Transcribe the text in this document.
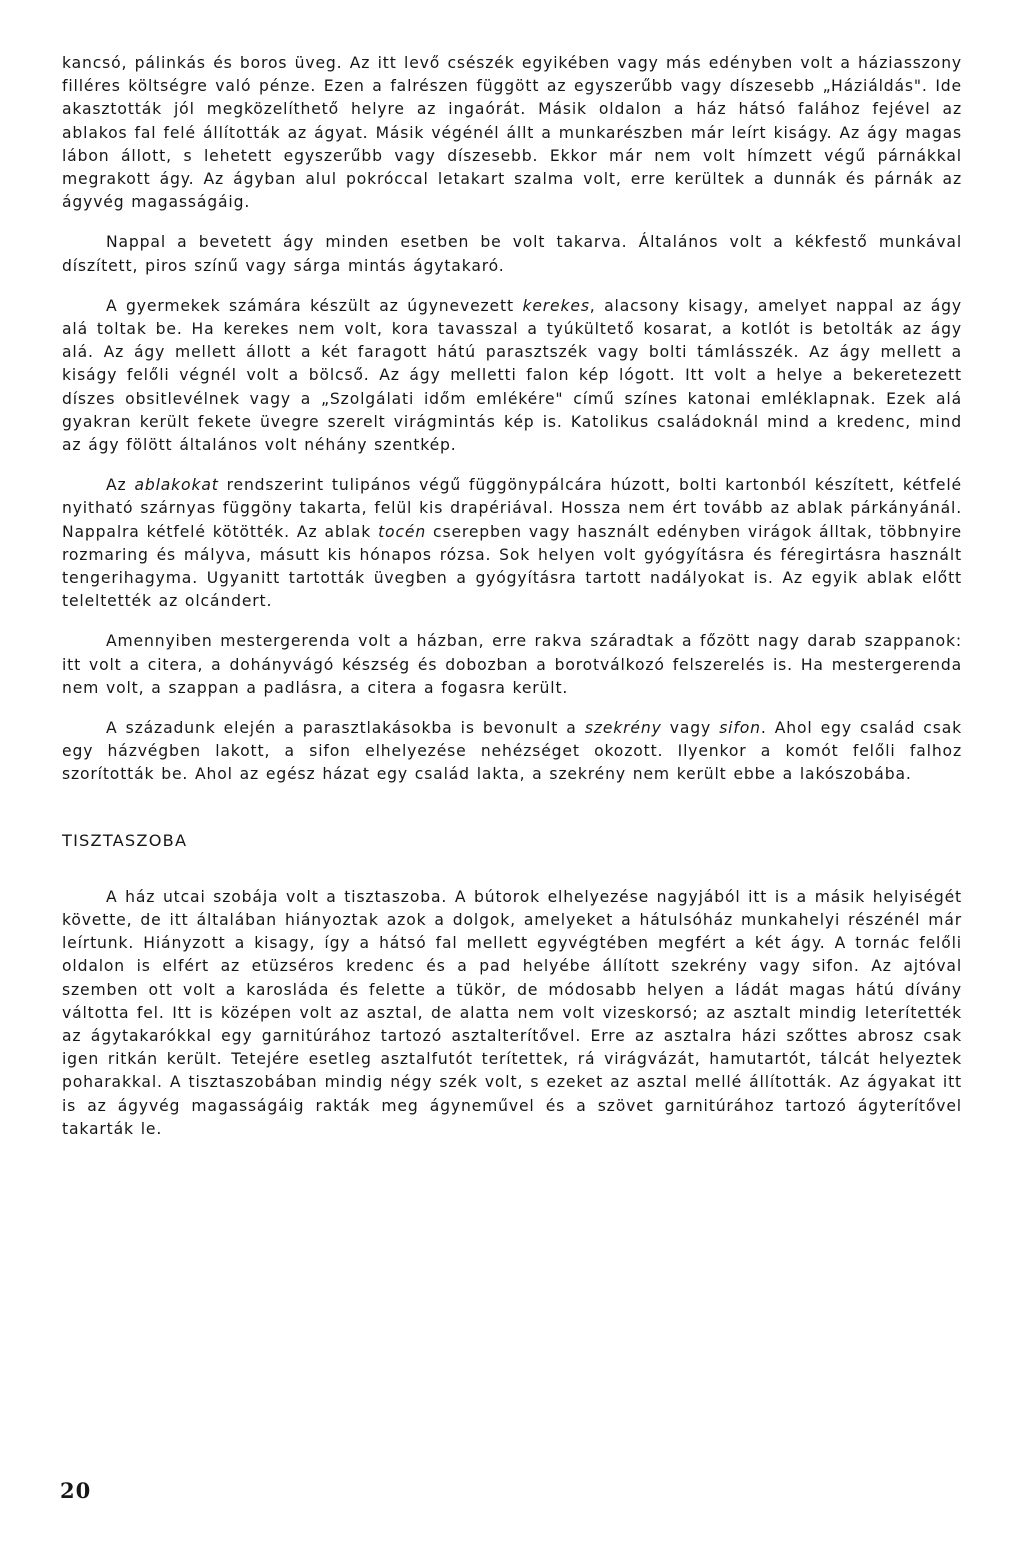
kancsó, pálinkás és boros üveg. Az itt levő csészék egyikében vagy más edényben volt a háziasszony filléres költségre való pénze. Ezen a falrészen függött az egyszerűbb vagy díszesebb „Háziáldás". Ide akasztották jól megközelíthető helyre az ingaórát. Másik oldalon a ház hátsó falához fejével az ablakos fal felé állították az ágyat. Másik végénél állt a munkarészben már leírt kiságy. Az ágy magas lábon állott, s lehetett egyszerűbb vagy díszesebb. Ekkor már nem volt hímzett végű párnákkal megrakott ágy. Az ágyban alul pokróccal letakart szalma volt, erre kerültek a dunnák és párnák az ágyvég magasságáig.

Nappal a bevetett ágy minden esetben be volt takarva. Általános volt a kékfestő munkával díszített, piros színű vagy sárga mintás ágytakaró.

A gyermekek számára készült az úgynevezett kerekes, alacsony kisagy, amelyet nappal az ágy alá toltak be. Ha kerekes nem volt, kora tavasszal a tyúkültető kosarat, a kotlót is betolták az ágy alá. Az ágy mellett állott a két faragott hátú parasztszék vagy bolti támlásszék. Az ágy mellett a kiságy felőli végnél volt a bölcső. Az ágy melletti falon kép lógott. Itt volt a helye a bekeretezett díszes obsitlevélnek vagy a „Szolgálati időm emlékére" című színes katonai emléklapnak. Ezek alá gyakran került fekete üvegre szerelt virágmintás kép is. Katolikus családoknál mind a kredenc, mind az ágy fölött általános volt néhány szentkép.

Az ablakokat rendszerint tulipános végű függönypálcára húzott, bolti kartonból készített, kétfelé nyitható szárnyas függöny takarta, felül kis drapériával. Hossza nem ért tovább az ablak párkányánál. Nappalra kétfelé kötötték. Az ablak tocén cserepben vagy használt edényben virágok álltak, többnyire rozmaring és mályva, másutt kis hónapos rózsa. Sok helyen volt gyógyításra és féregirtásra használt tengerihagyma. Ugyanitt tartották üvegben a gyógyításra tartott nadályokat is. Az egyik ablak előtt teleltették az olcándert.

Amennyiben mestergerenda volt a házban, erre rakva száradtak a főzött nagy darab szappanok: itt volt a citera, a dohányvágó készség és dobozban a borotválkozó felszerelés is. Ha mestergerenda nem volt, a szappan a padlásra, a citera a fogasra került.

A századunk elején a parasztlakásokba is bevonult a szekrény vagy sifon. Ahol egy család csak egy házvégben lakott, a sifon elhelyezése nehézséget okozott. Ilyenkor a komót felőli falhoz szorították be. Ahol az egész házat egy család lakta, a szekrény nem került ebbe a lakószobába.

TISZTASZOBA

A ház utcai szobája volt a tisztaszoba. A bútorok elhelyezése nagyjából itt is a másik helyiségét követte, de itt általában hiányoztak azok a dolgok, amelyeket a hátulsóház munkahelyi részénél már leírtunk. Hiányzott a kisagy, így a hátsó fal mellett egyvégtében megfért a két ágy. A tornác felőli oldalon is elfért az etüzséros kredenc és a pad helyébe állított szekrény vagy sifon. Az ajtóval szemben ott volt a karosláda és felette a tükör, de módosabb helyen a ládát magas hátú dívány váltotta fel. Itt is középen volt az asztal, de alatta nem volt vizeskorsó; az asztalt mindig leterítették az ágytakarókkal egy garnitúrához tartozó asztalterítővel. Erre az asztalra házi szőttes abrosz csak igen ritkán került. Tetejére esetleg asztalfutót terítettek, rá virágvázát, hamutartót, tálcát helyeztek poharakkal. A tisztaszobában mindig négy szék volt, s ezeket az asztal mellé állították. Az ágyakat itt is az ágyvég magasságáig rakták meg ágyneművel és a szövet garnitúrához tartozó ágyterítővel takarták le.

20
